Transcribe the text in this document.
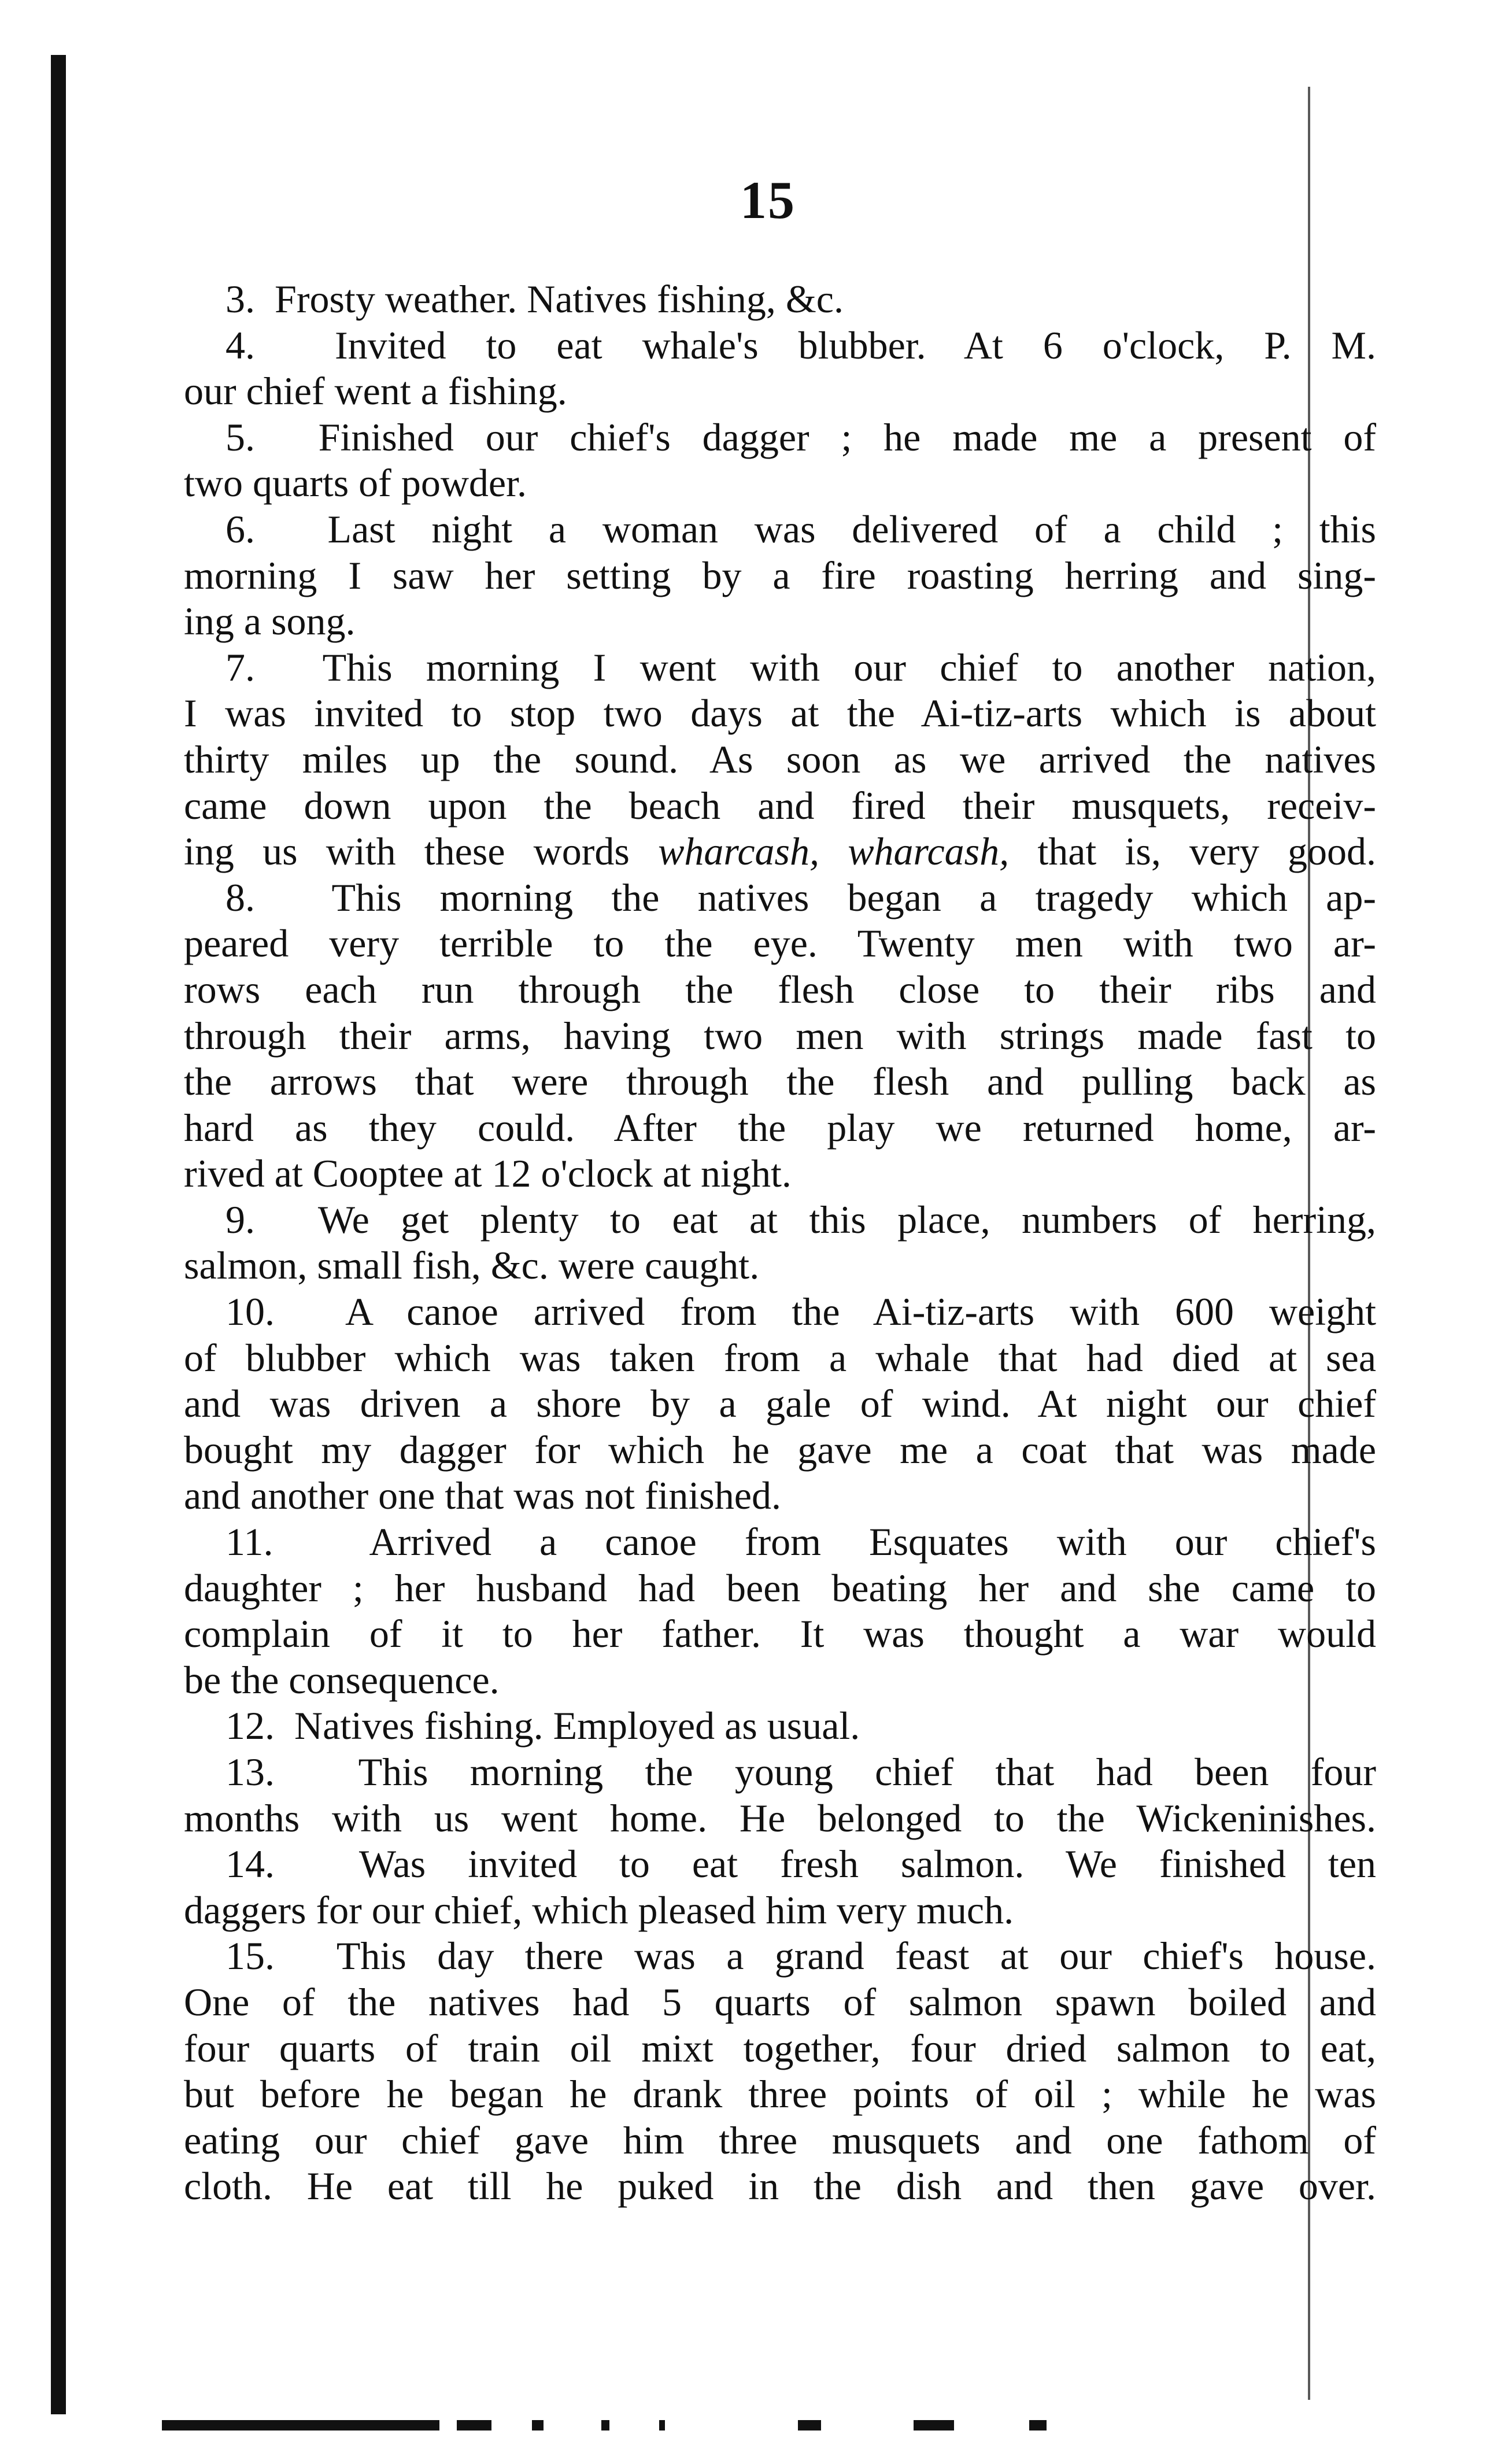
15
3. Frosty weather. Natives fishing, &c.
4. Invited to eat whale's blubber. At 6 o'clock, P. M.
our chief went a fishing.
5. Finished our chief's dagger ; he made me a present of
two quarts of powder.
6. Last night a woman was delivered of a child ; this
morning I saw her setting by a fire roasting herring and sing-
ing a song.
7. This morning I went with our chief to another nation,
I was invited to stop two days at the Ai-tiz-arts which is about
thirty miles up the sound. As soon as we arrived the natives
came down upon the beach and fired their musquets, receiv-
ing us with these words wharcash, wharcash, that is, very good.
8. This morning the natives began a tragedy which ap-
peared very terrible to the eye. Twenty men with two ar-
rows each run through the flesh close to their ribs and
through their arms, having two men with strings made fast to
the arrows that were through the flesh and pulling back as
hard as they could. After the play we returned home, ar-
rived at Cooptee at 12 o'clock at night.
9. We get plenty to eat at this place, numbers of herring,
salmon, small fish, &c. were caught.
10. A canoe arrived from the Ai-tiz-arts with 600 weight
of blubber which was taken from a whale that had died at sea
and was driven a shore by a gale of wind. At night our chief
bought my dagger for which he gave me a coat that was made
and another one that was not finished.
11. Arrived a canoe from Esquates with our chief's
daughter ; her husband had been beating her and she came to
complain of it to her father. It was thought a war would
be the consequence.
12. Natives fishing. Employed as usual.
13. This morning the young chief that had been four
months with us went home. He belonged to the Wickeninishes.
14. Was invited to eat fresh salmon. We finished ten
daggers for our chief, which pleased him very much.
15. This day there was a grand feast at our chief's house.
One of the natives had 5 quarts of salmon spawn boiled and
four quarts of train oil mixt together, four dried salmon to eat,
but before he began he drank three points of oil ; while he was
eating our chief gave him three musquets and one fathom of
cloth. He eat till he puked in the dish and then gave over.
